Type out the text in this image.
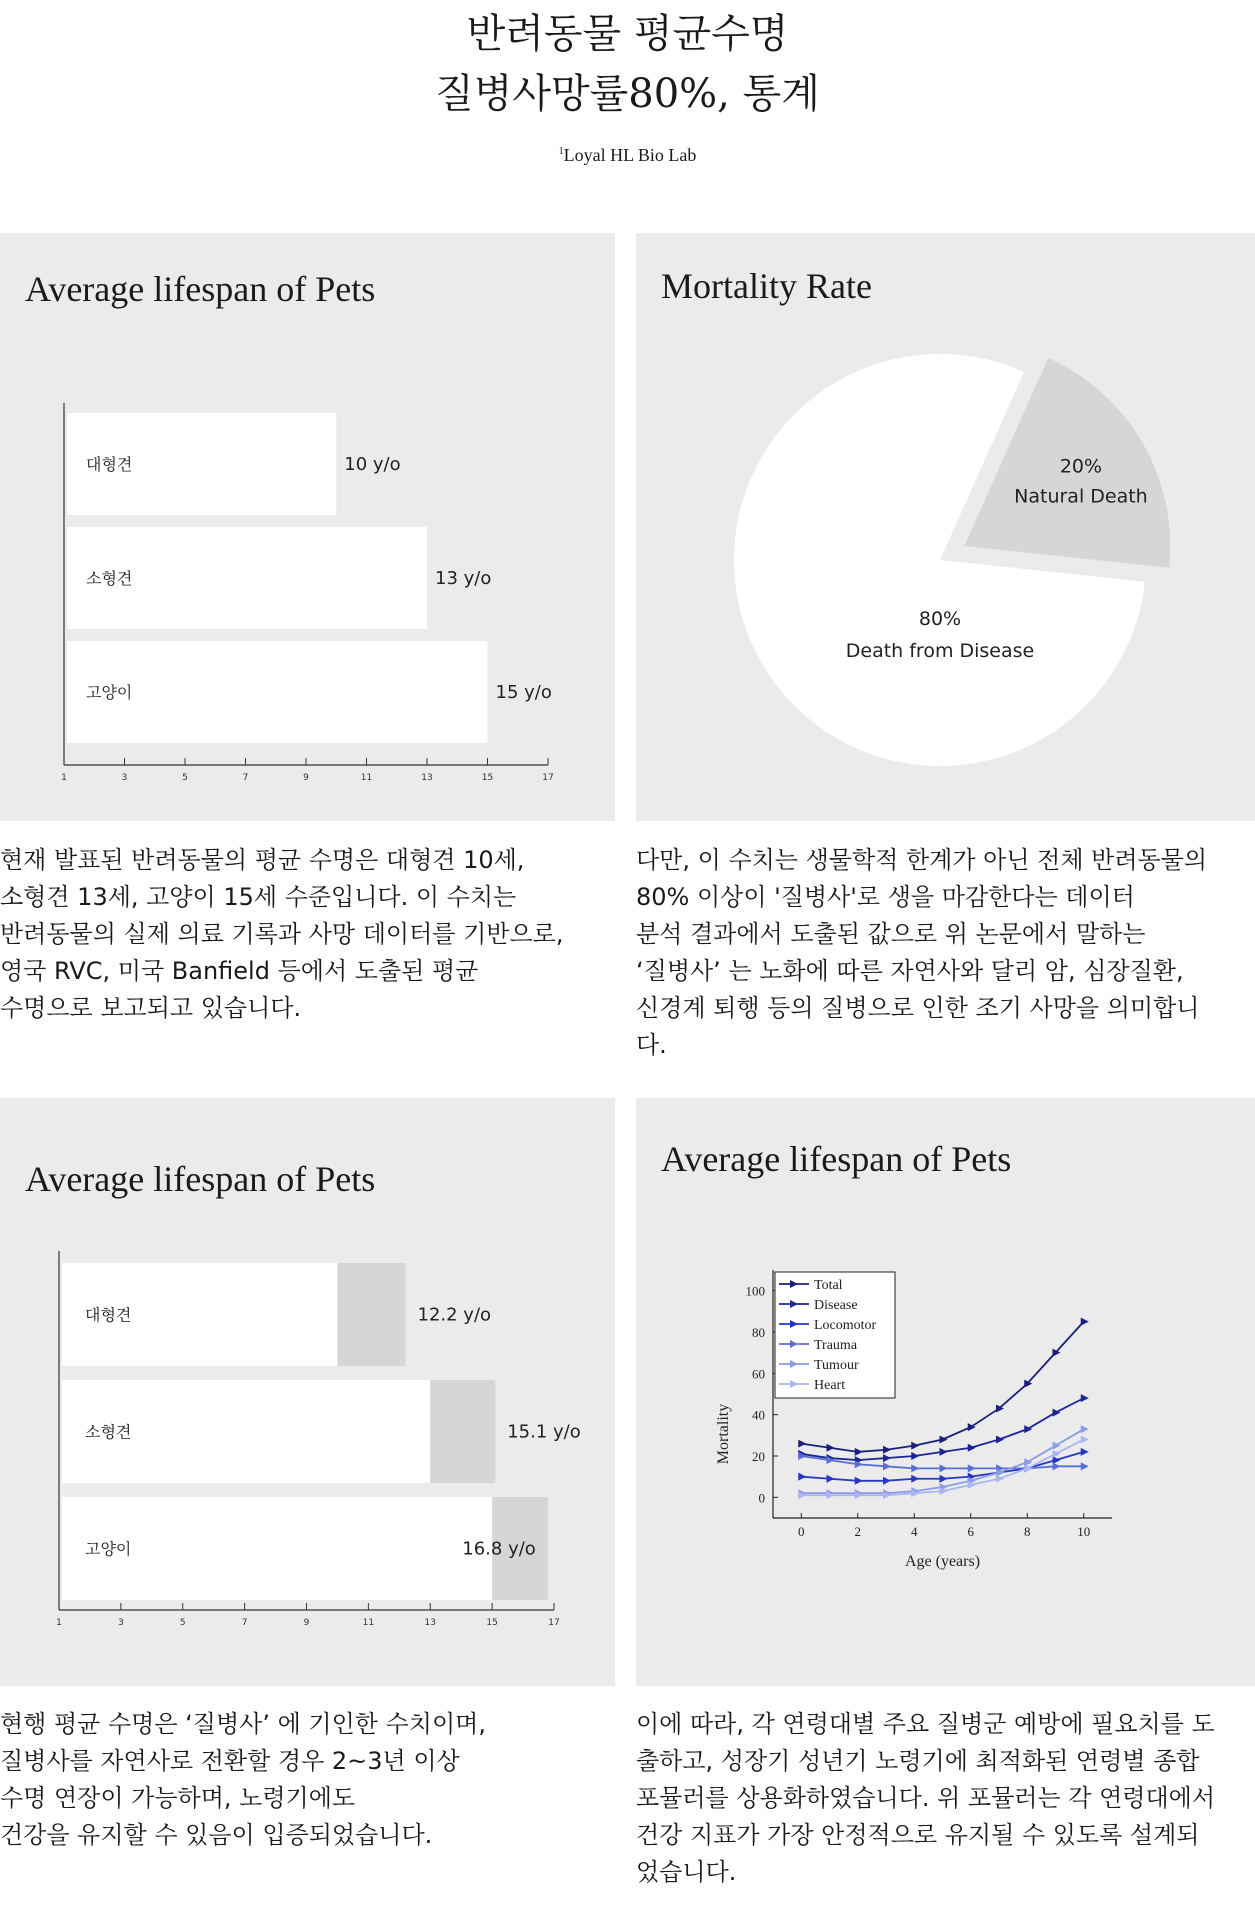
반려동물 평균수명
질병사망률80%, 통계
$^1$Loyal HL Bio Lab
Average lifespan of Pets
1	3	5	7	9	11	13	15	17
대형견	10 y/o
소형견	13 y/o
고양이	15 y/o
Mortality Rate
20%
Natural Death
80%
Death from Disease
현재 발표된 반려동물의 평균 수명은 대형견 10세,
소형견 13세, 고양이 15세 수준입니다. 이 수치는
반려동물의 실제 의료 기록과 사망 데이터를 기반으로,
영국 RVC, 미국 Banfield 등에서 도출된 평균
수명으로 보고되고 있습니다.
다만, 이 수치는 생물학적 한계가 아닌 전체 반려동물의
80% 이상이 '질병사'로 생을 마감한다는 데이터
분석 결과에서 도출된 값으로 위 논문에서 말하는
‘질병사’ 는 노화에 따른 자연사와 달리 암, 심장질환,
신경계 퇴행 등의 질병으로 인한 조기 사망을 의미합니
다.
Average lifespan of Pets
1	3	5	7	9	11	13	15	17
대형견	12.2 y/o
소형견	15.1 y/o
고양이	16.8 y/o
Average lifespan of Pets
0
20
40
60
80
100
0	2	4	6	8	10
Age (years)
Mortality
Total
Disease
Locomotor
Trauma
Tumour
Heart
현행 평균 수명은 ‘질병사’ 에 기인한 수치이며,
질병사를 자연사로 전환할 경우 2~3년 이상
수명 연장이 가능하며, 노령기에도
건강을 유지할 수 있음이 입증되었습니다.
이에 따라, 각 연령대별 주요 질병군 예방에 필요치를 도
출하고, 성장기 성년기 노령기에 최적화된 연령별 종합
포뮬러를 상용화하였습니다. 위 포뮬러는 각 연령대에서
건강 지표가 가장 안정적으로 유지될 수 있도록 설계되
었습니다.
